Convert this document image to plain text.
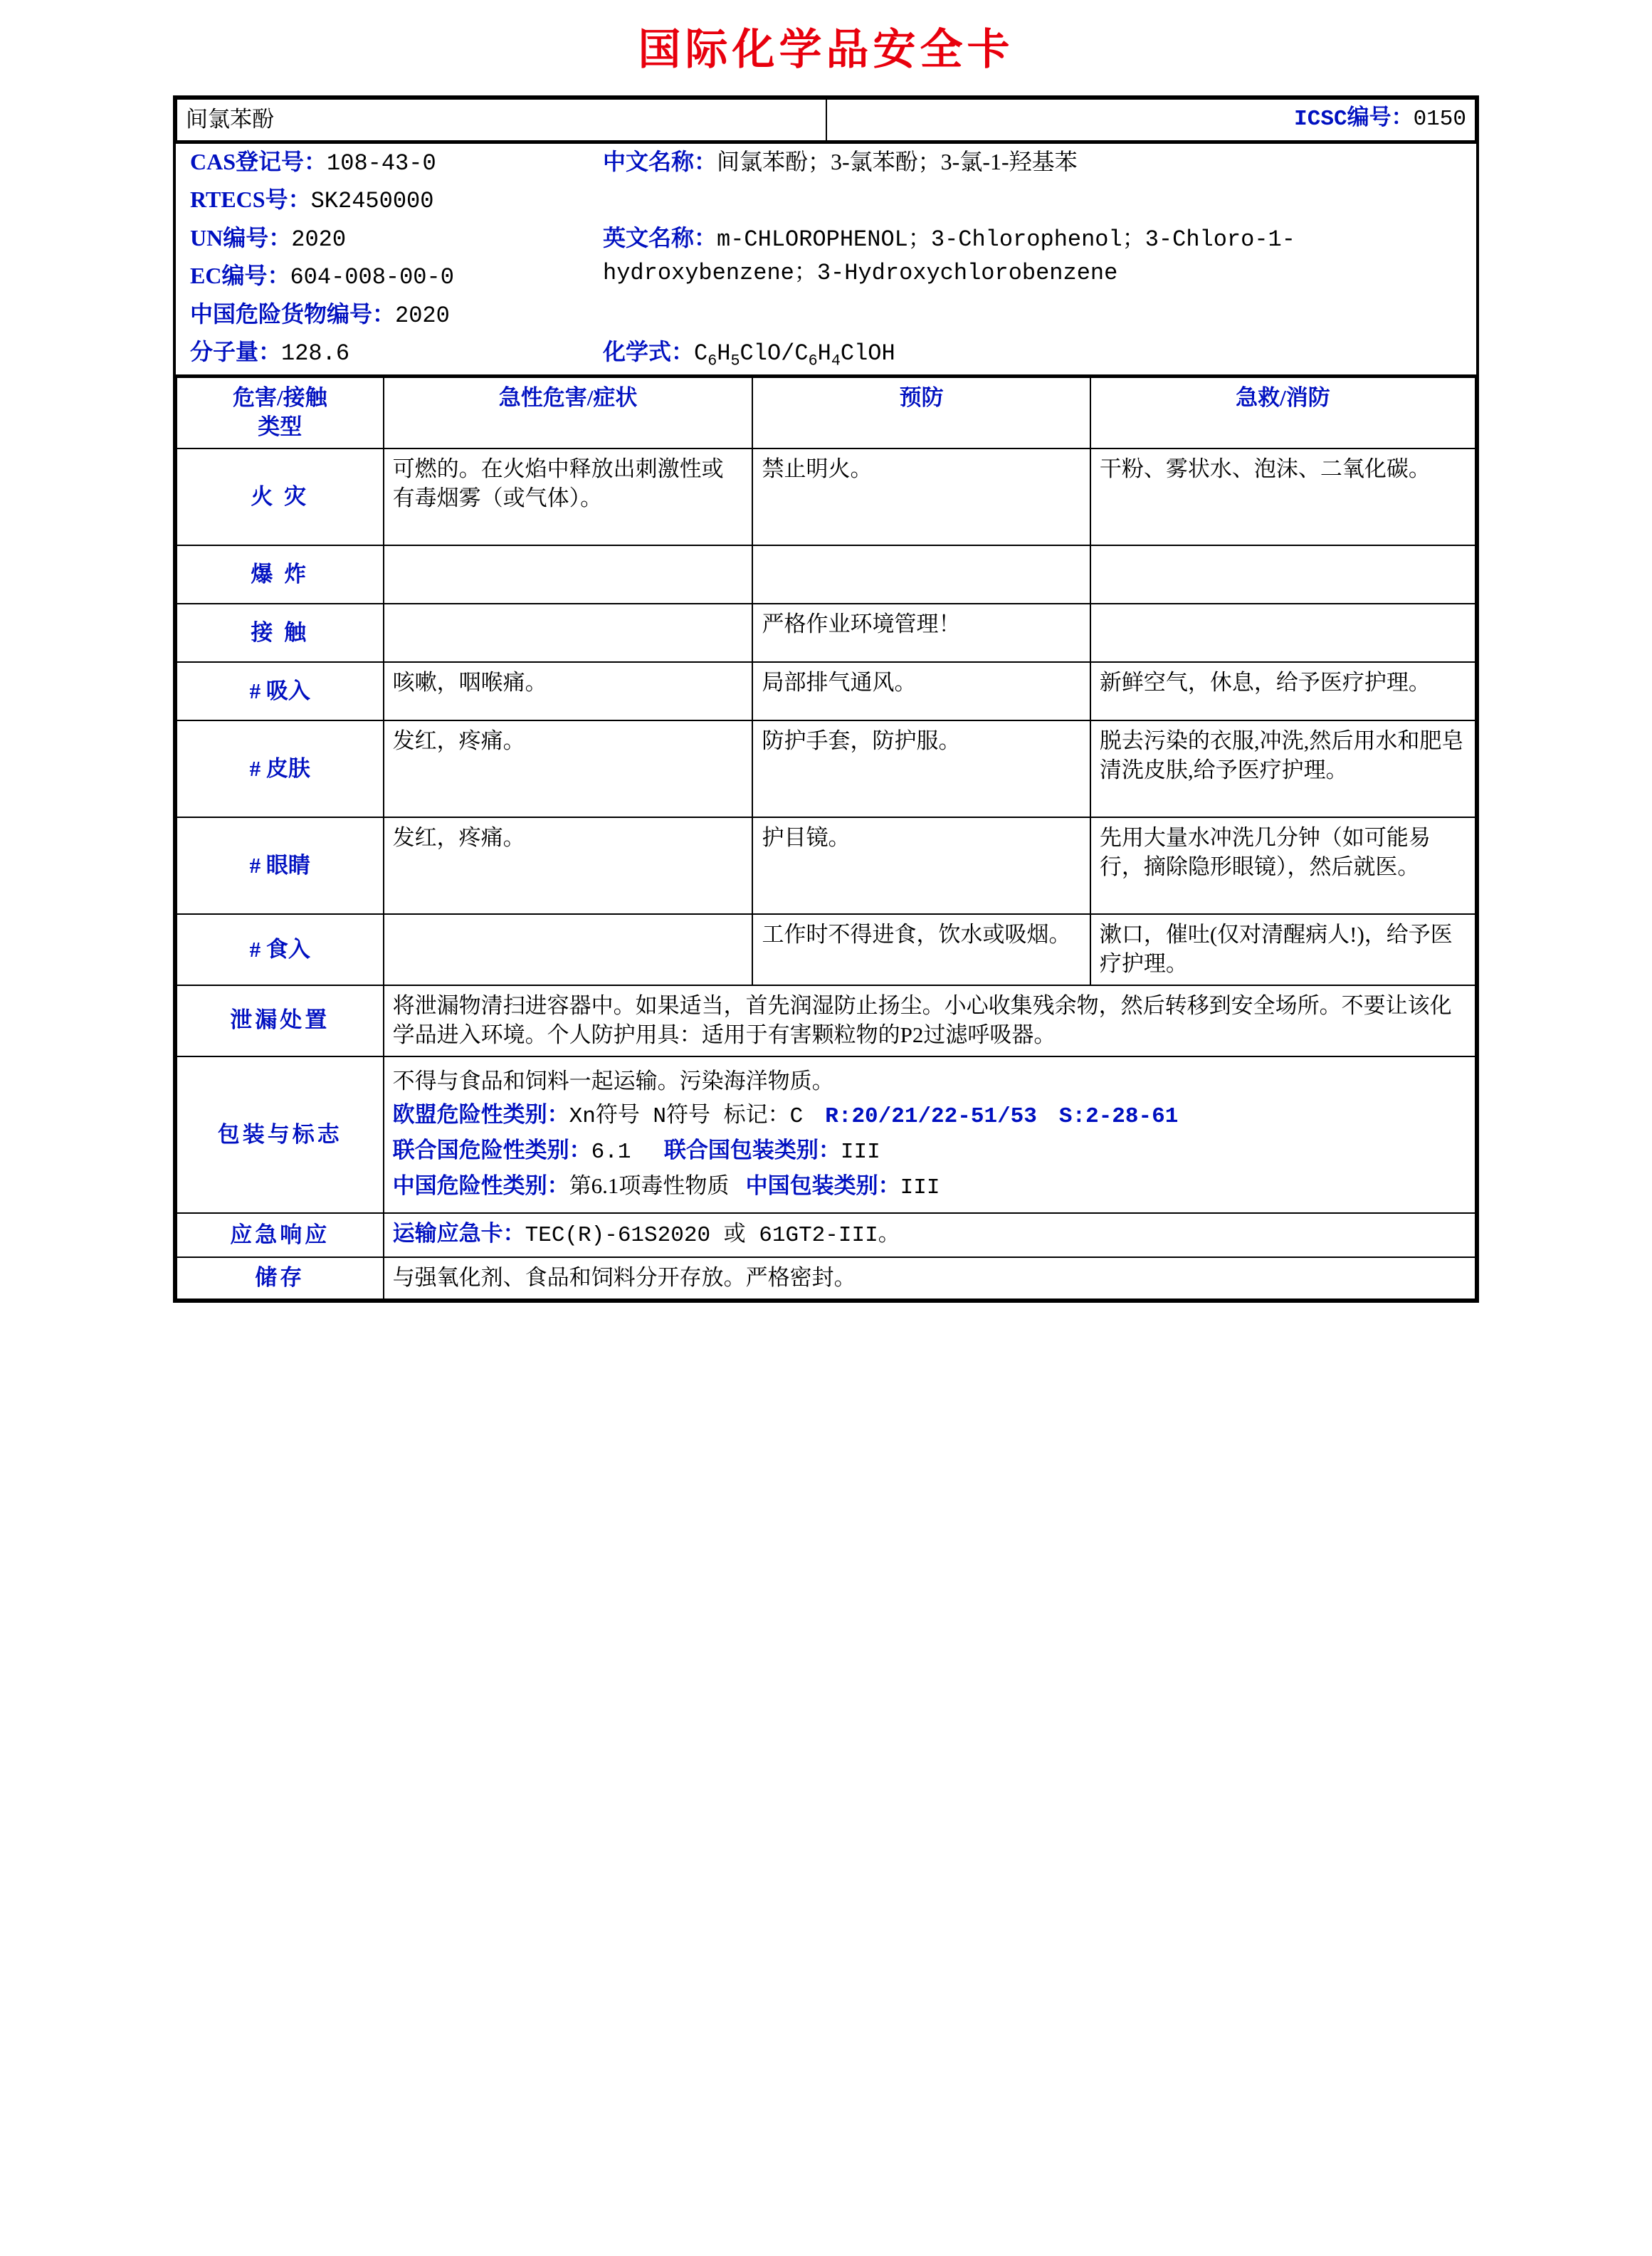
国际化学品安全卡
间氯苯酚	ICSC编号：0150
CAS登记号：108-43-0	中文名称：间氯苯酚；3-氯苯酚；3-氯-1-羟基苯
RTECS号：SK2450000	
UN编号：2020	英文名称：m-CHLOROPHENOL；3-Chlorophenol；3-Chloro-1-hydroxybenzene；3-Hydroxychlorobenzene
EC编号：604-008-00-0	
中国危险货物编号：2020	
分子量：128.6	化学式：$C_6H_5ClO/C_6H_4ClOH$
危害/接触
类型	急性危害/症状	预防	急救/消防
火 灾	可燃的。在火焰中释放出刺激性或有毒烟雾（或气体）。	禁止明火。	干粉、雾状水、泡沫、二氧化碳。
爆 炸			
接 触		严格作业环境管理！	
# 吸入	咳嗽，咽喉痛。	局部排气通风。	新鲜空气，休息，给予医疗护理。
# 皮肤	发红，疼痛。	防护手套，防护服。	脱去污染的衣服,冲洗,然后用水和肥皂清洗皮肤,给予医疗护理。
# 眼睛	发红，疼痛。	护目镜。	先用大量水冲洗几分钟（如可能易行，摘除隐形眼镜），然后就医。
# 食入		工作时不得进食，饮水或吸烟。	漱口，催吐(仅对清醒病人!)，给予医疗护理。
泄漏处置	将泄漏物清扫进容器中。如果适当，首先润湿防止扬尘。小心收集残余物，然后转移到安全场所。不要让该化学品进入环境。个人防护用具：适用于有害颗粒物的P2过滤呼吸器。		
包装与标志	不得与食品和饲料一起运输。污染海洋物质。

欧盟危险性类别：Xn符号 N符号 标记：C R:20/21/22-51/53 S:2-28-61

联合国危险性类别：6.1 联合国包装类别：III

中国危险性类别：第6.1项毒性物质 中国包装类别：III		

应急响应	运输应急卡：TEC(R)-61S2020 或 61GT2-III。		
储存	与强氧化剂、食品和饲料分开存放。严格密封。		
